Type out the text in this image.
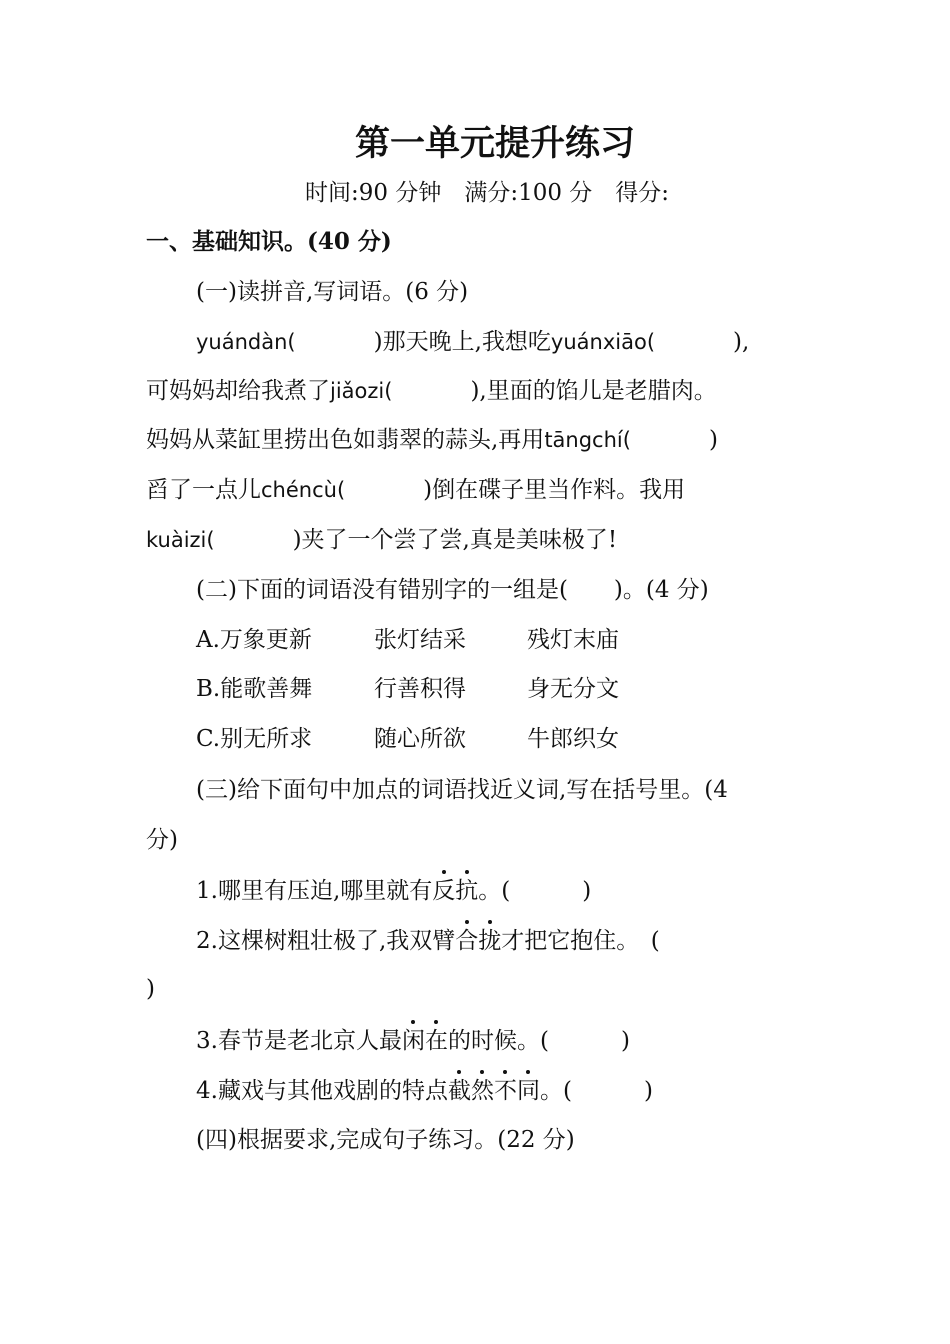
第一单元提升练习
时间:90 分钟　满分:100 分　得分:
一、基础知识。(40 分)
(一)读拼音,写词语。(6 分)
yuándàn(	)那天晚上,我想吃yuánxiāo(	),
可妈妈却给我煮了jiǎozi(	),里面的馅儿是老腊肉。
妈妈从菜缸里捞出色如翡翠的蒜头,再用tāngchí(	)
舀了一点儿chéncù(	)倒在碟子里当作料。我用
kuàizi(	)夹了一个尝了尝,真是美味极了!
(二)下面的词语没有错别字的一组是(　　)。(4 分)
A.万象更新	张灯结采	残灯末庙
B.能歌善舞	行善积得	身无分文
C.别无所求	随心所欲	牛郎织女
(三)给下面句中加点的词语找近义词,写在括号里。(4
分)
1.哪里有压迫,哪里就有反抗。(	)
2.这棵树粗壮极了,我双臂合拢才把它抱住。　(
)
3.春节是老北京人最闲在的时候。(	)
4.藏戏与其他戏剧的特点截然不同。(	)
(四)根据要求,完成句子练习。(22 分)
